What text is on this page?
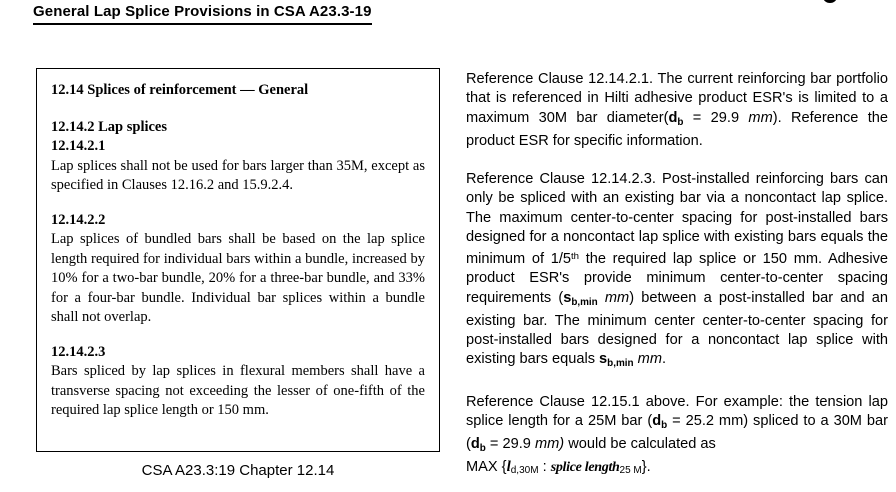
General Lap Splice Provisions in CSA A23.3-19
12.14 Splices of reinforcement — General
12.14.2 Lap splices
12.14.2.1

Lap splices shall not be used for bars larger than 35M, except as specified in Clauses 12.16.2 and 15.9.2.4.

12.14.2.2

Lap splices of bundled bars shall be based on the lap splice length required for individual bars within a bundle, increased by 10% for a two-bar bundle, 20% for a three-bar bundle, and 33% for a four-bar bundle. Individual bar splices within a bundle shall not overlap.

12.14.2.3

Bars spliced by lap splices in flexural members shall have a transverse spacing not exceeding the lesser of one-fifth of the required lap splice length or 150 mm.

CSA A23.3:19 Chapter 12.14

Reference Clause 12.14.2.1. The current reinforcing bar portfolio that is referenced in Hilti adhesive product ESR's is limited to a maximum 30M bar $diameter(d_b = 29.9$ mm). Reference the product ESR for specific information.

Reference Clause 12.14.2.3. Post-installed reinforcing bars can only be spliced with an existing bar via a noncontact lap splice. The maximum center-to-center spacing for post-installed bars designed for a noncontact lap splice with existing bars equals the minimum of 1/5th the required lap splice or 150 mm. Adhesive product ESR's provide minimum center-to-center spacing requirements ($s_{b,min}$ mm) between a post-installed bar and an existing bar. The minimum center center-to-center spacing for post-installed bars designed for a noncontact lap splice with existing bars equals $s_{b,min}$ mm.

Reference Clause 12.15.1 above. For example: the tension lap splice length for a 25M bar ($d_b = 25.2$ mm) spliced to a 30M bar ($d_b = 29.9$ mm) would be calculated as

MAX {ld,30M : splice length25 M}.
